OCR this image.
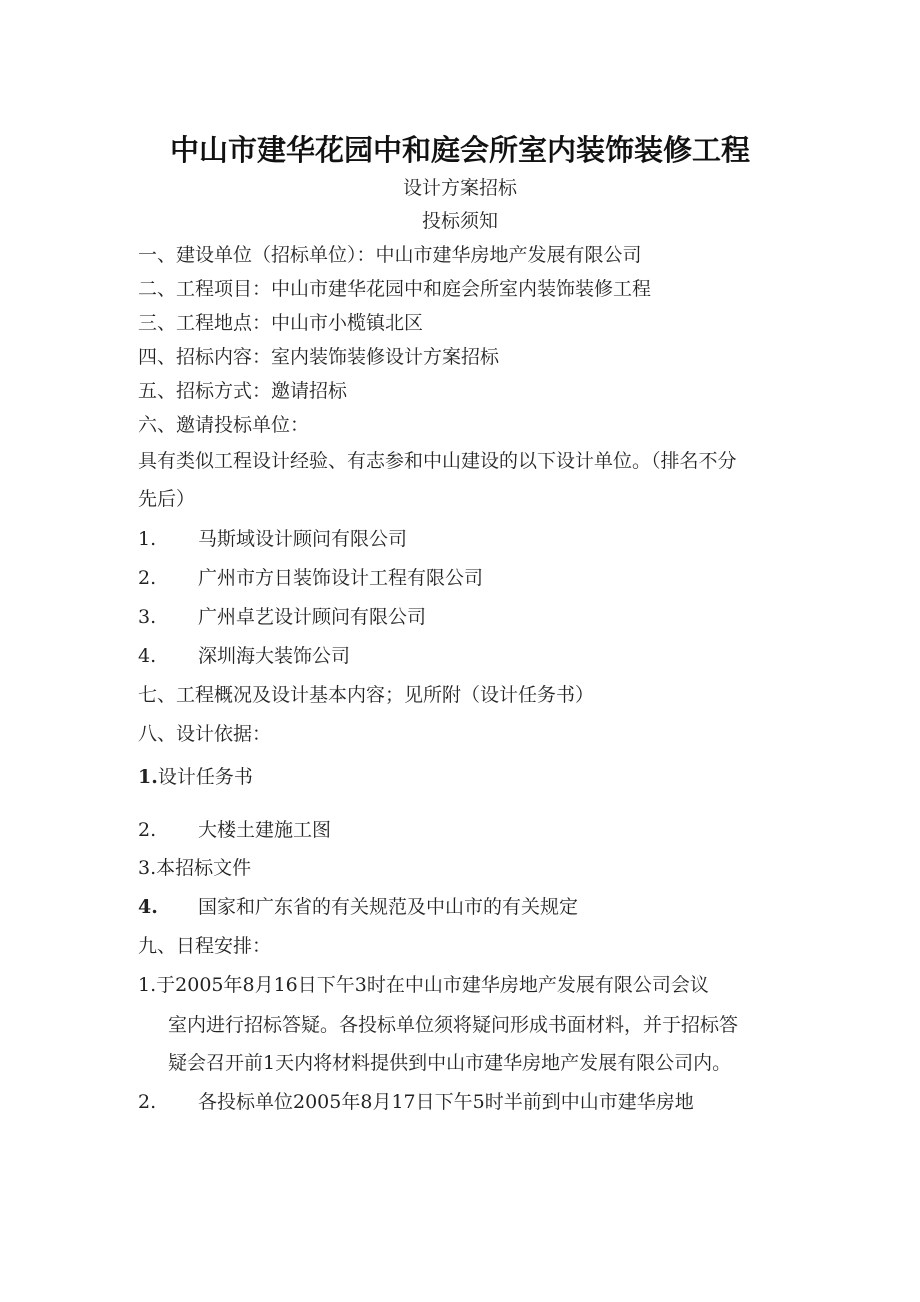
中山市建华花园中和庭会所室内装饰装修工程
设计方案招标
投标须知
一、建设单位（招标单位）：中山市建华房地产发展有限公司
二、工程项目：中山市建华花园中和庭会所室内装饰装修工程
三、工程地点：中山市小榄镇北区
四、招标内容：室内装饰装修设计方案招标
五、招标方式：邀请招标
六、邀请投标单位：
具有类似工程设计经验、有志参和中山建设的以下设计单位。（排名不分
先后）
1. 马斯域设计顾问有限公司
2. 广州市方日装饰设计工程有限公司
3. 广州卓艺设计顾问有限公司
4. 深圳海大装饰公司
七、工程概况及设计基本内容；见所附（设计任务书）
八、设计依据：
1.设计任务书
2. 大楼土建施工图
3.本招标文件
4. 国家和广东省的有关规范及中山市的有关规定
九、日程安排：
1.于2005年8月16日下午3时在中山市建华房地产发展有限公司会议
室内进行招标答疑。各投标单位须将疑问形成书面材料，并于招标答
疑会召开前1天内将材料提供到中山市建华房地产发展有限公司内。
2. 各投标单位2005年8月17日下午5时半前到中山市建华房地
